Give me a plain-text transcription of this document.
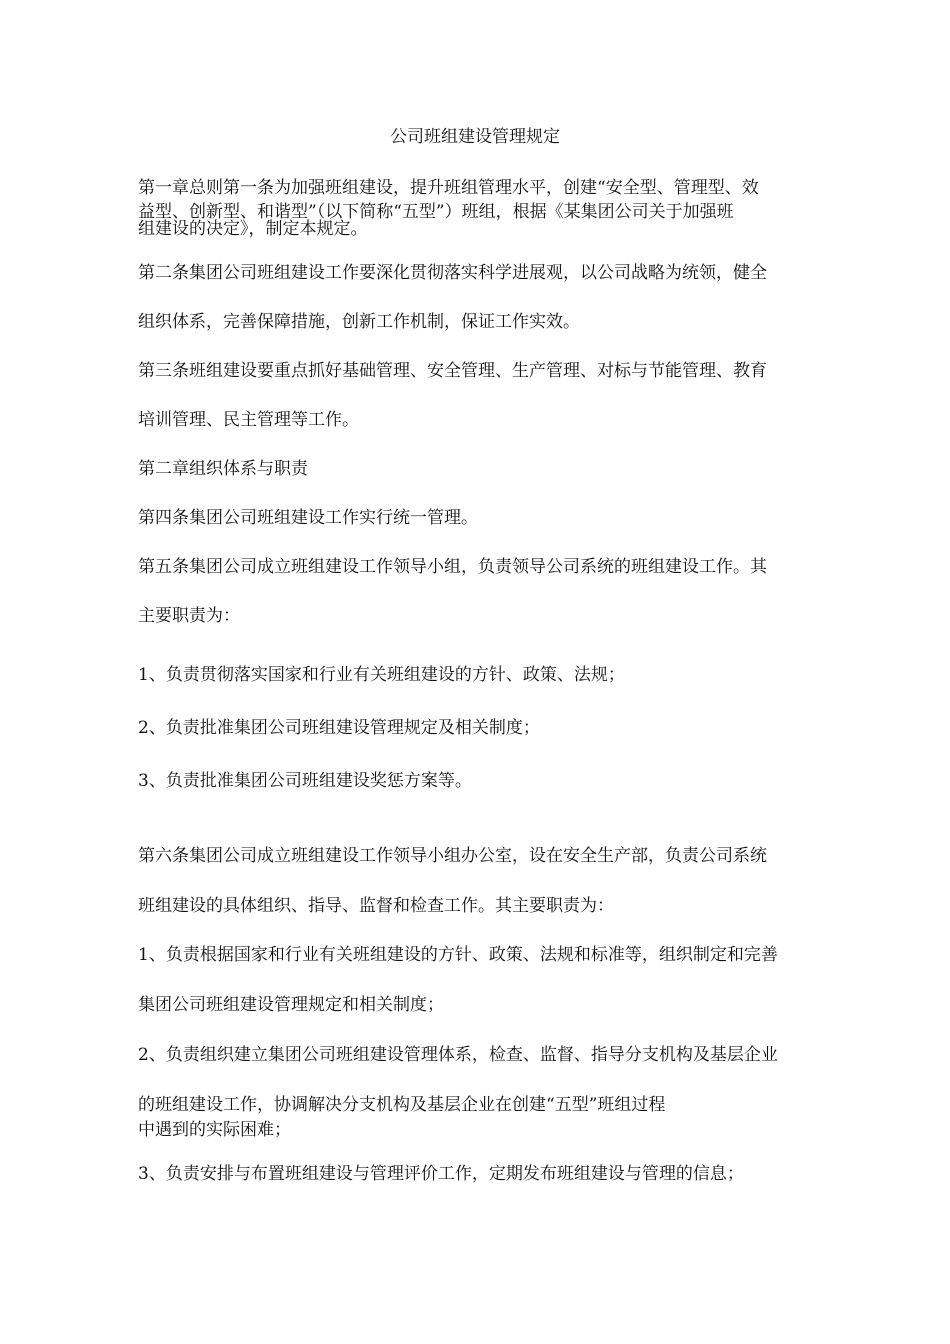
公司班组建设管理规定
第一章总则第一条为加强班组建设，提升班组管理水平，创建“安全型、管理型、效
益型、创新型、和谐型”（以下简称“五型”）班组，根据《某集团公司关于加强班
组建设的决定》，制定本规定。
第二条集团公司班组建设工作要深化贯彻落实科学进展观，以公司战略为统领，健全
组织体系，完善保障措施，创新工作机制，保证工作实效。
第三条班组建设要重点抓好基础管理、安全管理、生产管理、对标与节能管理、教育
培训管理、民主管理等工作。
第二章组织体系与职责
第四条集团公司班组建设工作实行统一管理。
第五条集团公司成立班组建设工作领导小组，负责领导公司系统的班组建设工作。其
主要职责为：
1、负责贯彻落实国家和行业有关班组建设的方针、政策、法规；
2、负责批准集团公司班组建设管理规定及相关制度；
3、负责批准集团公司班组建设奖惩方案等。
第六条集团公司成立班组建设工作领导小组办公室，设在安全生产部，负责公司系统
班组建设的具体组织、指导、监督和检查工作。其主要职责为：
1、负责根据国家和行业有关班组建设的方针、政策、法规和标准等，组织制定和完善
集团公司班组建设管理规定和相关制度；
2、负责组织建立集团公司班组建设管理体系，检查、监督、指导分支机构及基层企业
的班组建设工作，协调解决分支机构及基层企业在创建“五型”班组过程
中遇到的实际困难；
3、负责安排与布置班组建设与管理评价工作，定期发布班组建设与管理的信息；
